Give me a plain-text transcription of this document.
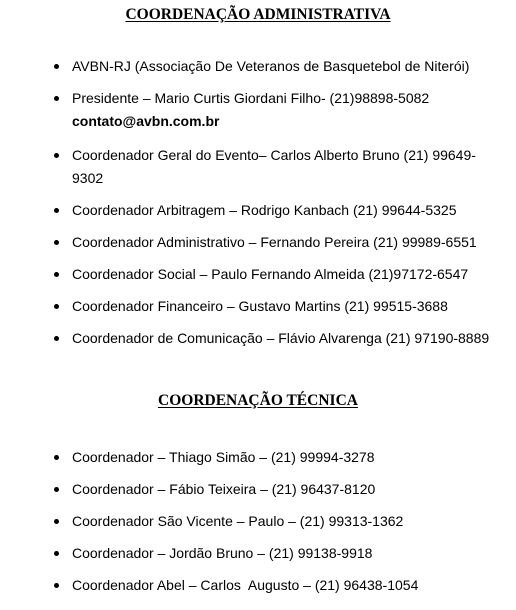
COORDENAÇÃO ADMINISTRATIVA
AVBN-RJ (Associação De Veteranos de Basquetebol de Niterói)
Presidente – Mario Curtis Giordani Filho- (21)98898-5082
contato@avbn.com.br
Coordenador Geral do Evento– Carlos Alberto Bruno (21) 99649-
9302
Coordenador Arbitragem – Rodrigo Kanbach (21) 99644-5325
Coordenador Administrativo – Fernando Pereira (21) 99989-6551
Coordenador Social – Paulo Fernando Almeida (21)97172-6547
Coordenador Financeiro – Gustavo Martins (21) 99515-3688
Coordenador de Comunicação – Flávio Alvarenga (21) 97190-8889
COORDENAÇÃO TÉCNICA
Coordenador – Thiago Simão – (21) 99994-3278
Coordenador – Fábio Teixeira – (21) 96437-8120
Coordenador São Vicente – Paulo – (21) 99313-1362
Coordenador – Jordão Bruno – (21) 99138-9918
Coordenador Abel – Carlos  Augusto – (21) 96438-1054
